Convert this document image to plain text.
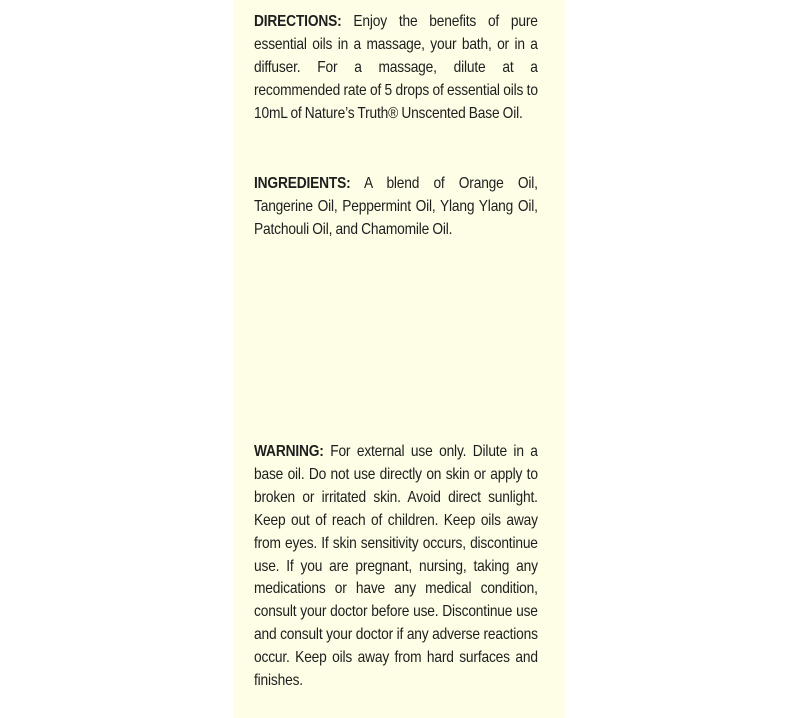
DIRECTIONS: Enjoy the benefits of pure essential oils in a massage, your bath, or in a diffuser. For a massage, dilute at a recommended rate of 5 drops of essential oils to 10mL of Nature’s Truth® Unscented Base Oil.

INGREDIENTS: A blend of Orange Oil, Tangerine Oil, Peppermint Oil, Ylang Ylang Oil, Patchouli Oil, and Chamomile Oil.

WARNING: For external use only. Dilute in a base oil. Do not use directly on skin or apply to broken or irritated skin. Avoid direct sunlight. Keep out of reach of children. Keep oils away from eyes. If skin sensitivity occurs, discontinue use. If you are pregnant, nursing, taking any medications or have any medical condition, consult your doctor before use. Discontinue use and consult your doctor if any adverse reactions occur. Keep oils away from hard surfaces and finishes.
